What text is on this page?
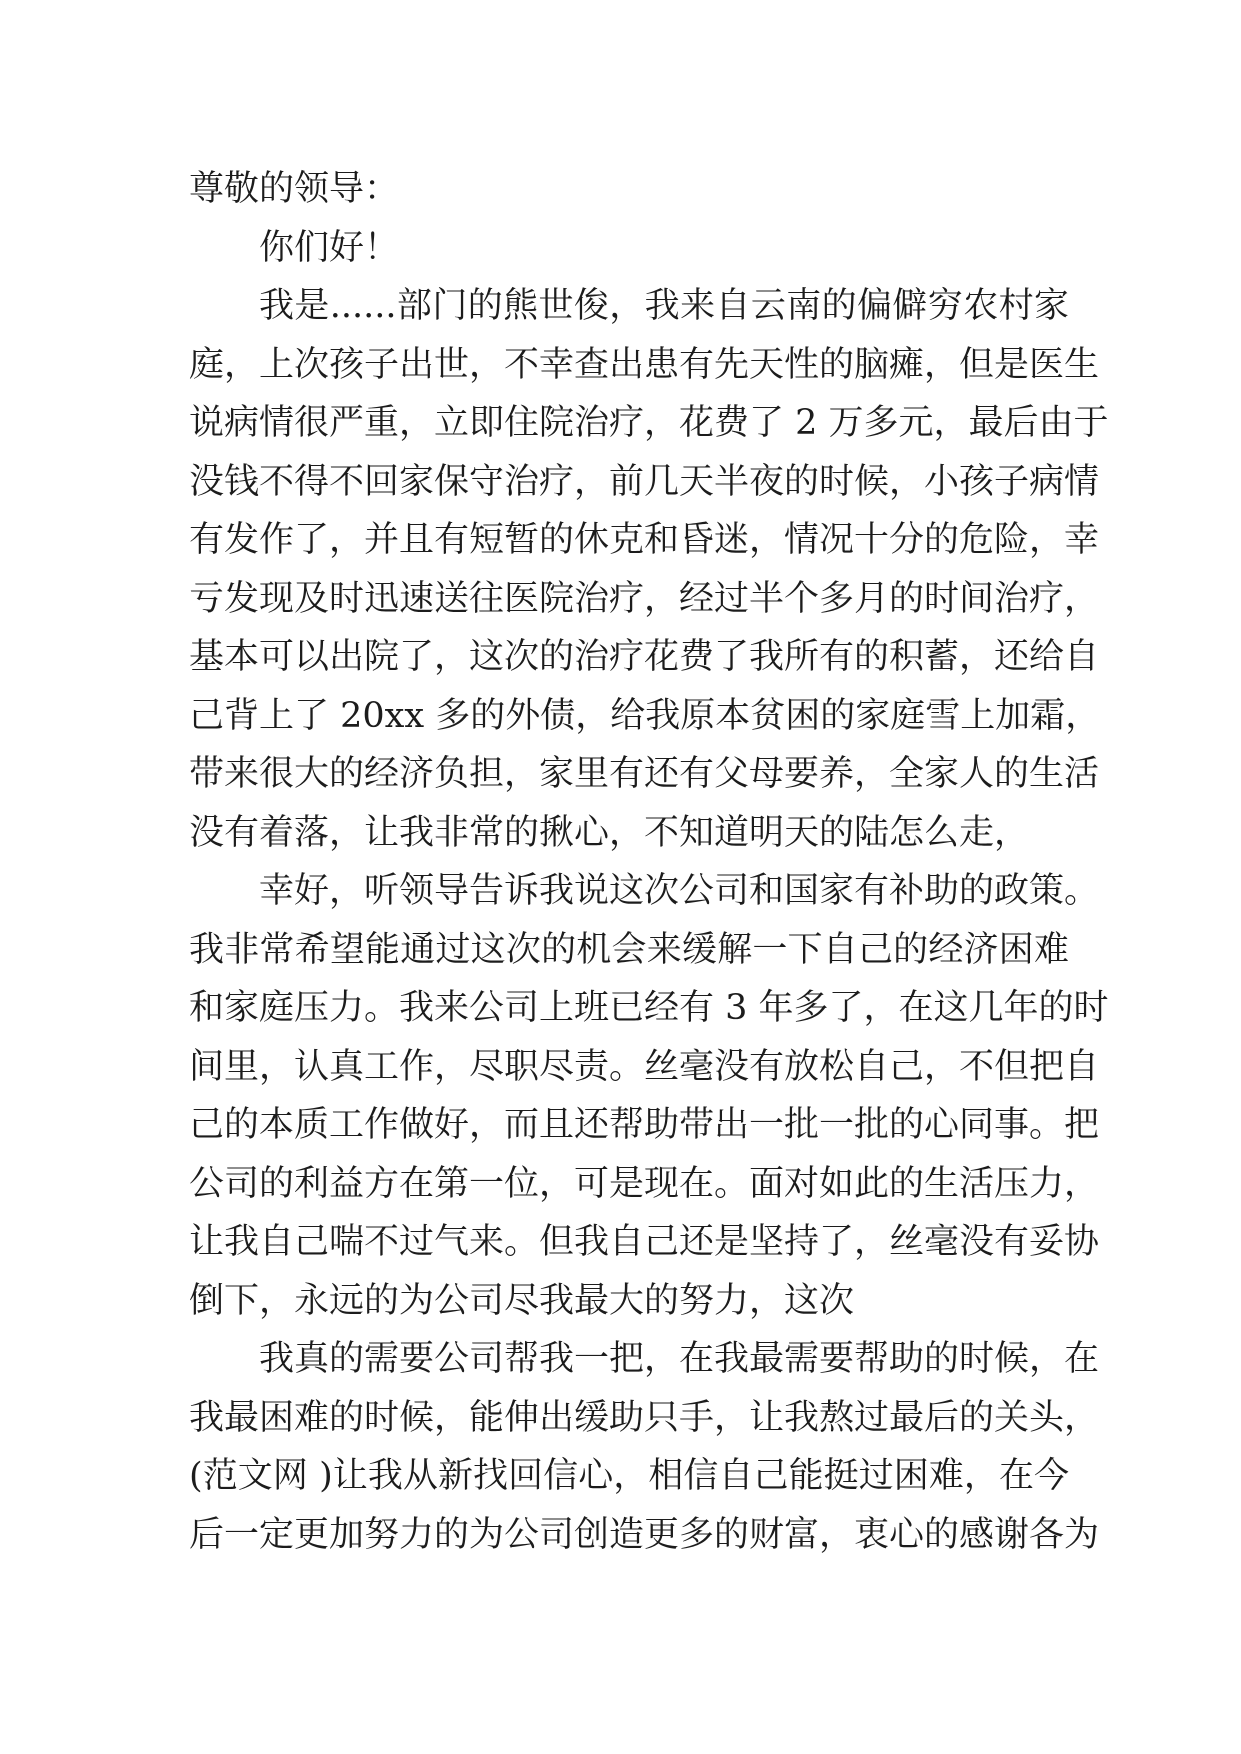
尊敬的领导：
你们好！
我是......部门的熊世俊，我来自云南的偏僻穷农村家
庭，上次孩子出世，不幸查出患有先天性的脑瘫，但是医生
说病情很严重，立即住院治疗，花费了 2 万多元，最后由于
没钱不得不回家保守治疗，前几天半夜的时候，小孩子病情
有发作了，并且有短暂的休克和昏迷，情况十分的危险，幸
亏发现及时迅速送往医院治疗，经过半个多月的时间治疗，
基本可以出院了，这次的治疗花费了我所有的积蓄，还给自
己背上了 20xx 多的外债，给我原本贫困的家庭雪上加霜，
带来很大的经济负担，家里有还有父母要养，全家人的生活
没有着落，让我非常的揪心，不知道明天的陆怎么走，
幸好，听领导告诉我说这次公司和国家有补助的政策。
我非常希望能通过这次的机会来缓解一下自己的经济困难
和家庭压力。我来公司上班已经有 3 年多了，在这几年的时
间里，认真工作，尽职尽责。丝毫没有放松自己，不但把自
己的本质工作做好，而且还帮助带出一批一批的心同事。把
公司的利益方在第一位，可是现在。面对如此的生活压力，
让我自己喘不过气来。但我自己还是坚持了，丝毫没有妥协
倒下，永远的为公司尽我最大的努力，这次
我真的需要公司帮我一把，在我最需要帮助的时候，在
我最困难的时候，能伸出缓助只手，让我熬过最后的关头，
(范文网 )让我从新找回信心，相信自己能挺过困难，在今
后一定更加努力的为公司创造更多的财富，衷心的感谢各为
